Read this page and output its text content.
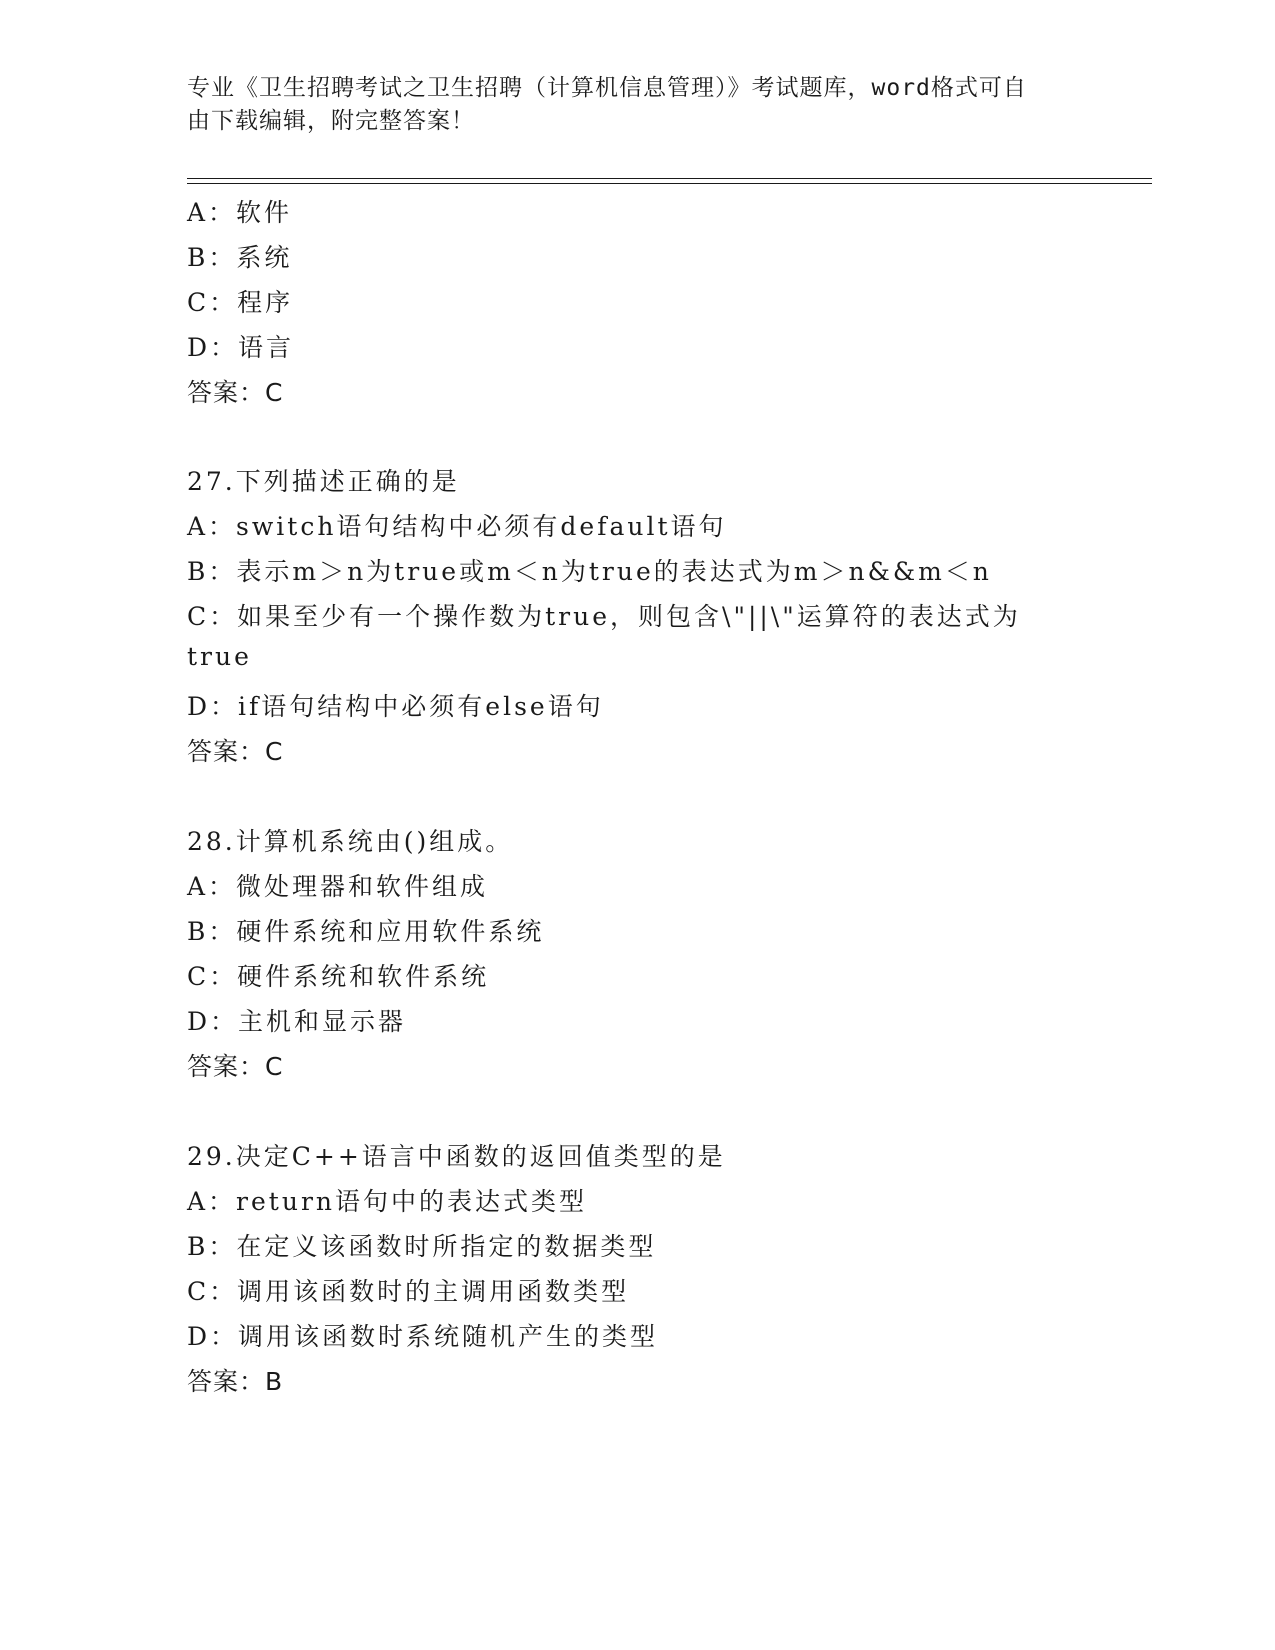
专业《卫生招聘考试之卫生招聘（计算机信息管理）》考试题库，word格式可自
由下载编辑，附完整答案！
A：软件
B：系统
C：程序
D：语言
答案：C
27.下列描述正确的是
A：switch语句结构中必须有default语句
B：表示m＞n为true或m＜n为true的表达式为m＞n&&m＜n
C：如果至少有一个操作数为true，则包含\"||\"运算符的表达式为
true
D：if语句结构中必须有else语句
答案：C
28.计算机系统由()组成。
A：微处理器和软件组成
B：硬件系统和应用软件系统
C：硬件系统和软件系统
D：主机和显示器
答案：C
29.决定C++语言中函数的返回值类型的是
A：return语句中的表达式类型
B：在定义该函数时所指定的数据类型
C：调用该函数时的主调用函数类型
D：调用该函数时系统随机产生的类型
答案：B
